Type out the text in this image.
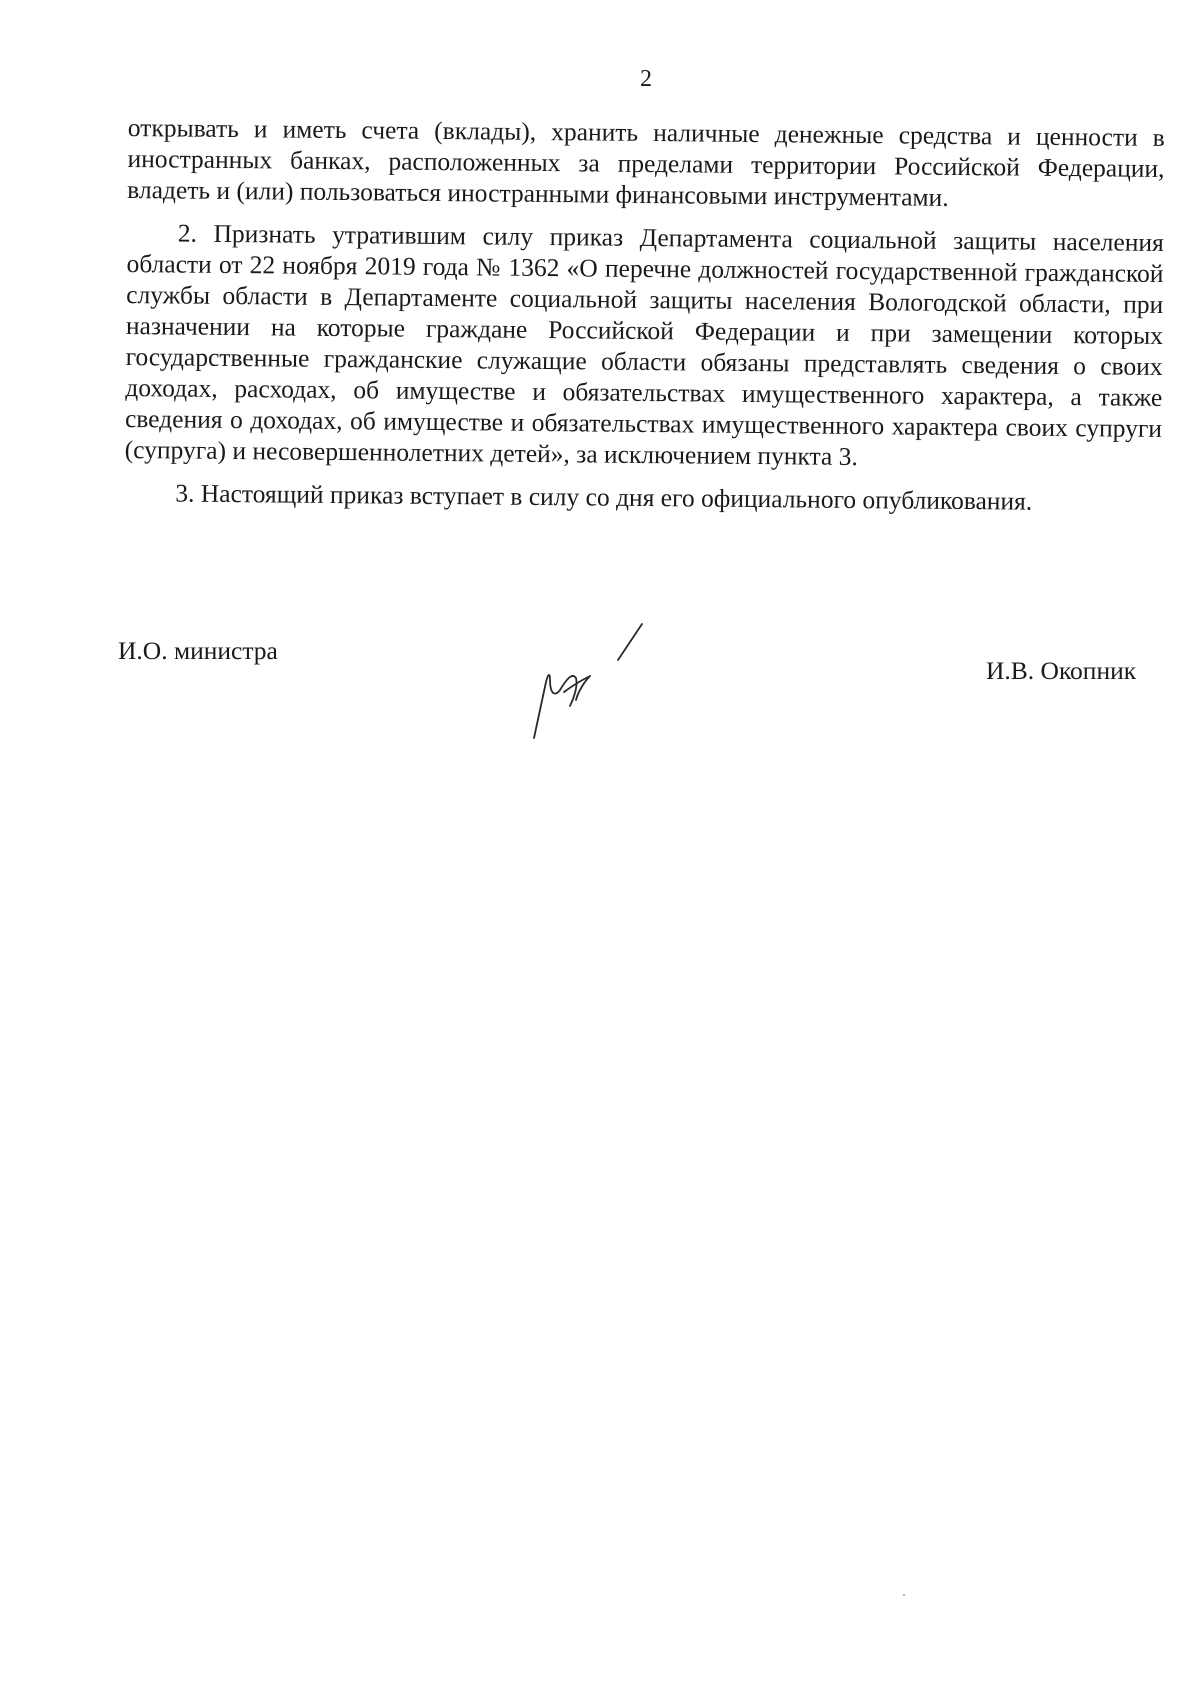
2

открывать и иметь счета (вклады), хранить наличные денежные средства и ценности в иностранных банках, расположенных за пределами территории Российской Федерации, владеть и (или) пользоваться иностранными финансовыми инструментами.

2. Признать утратившим силу приказ Департамента социальной защиты населения области от 22 ноября 2019 года № 1362 «О перечне должностей государственной гражданской службы области в Департаменте социальной защиты населения Вологодской области, при назначении на которые граждане Российской Федерации и при замещении которых государственные гражданские служащие области обязаны представлять сведения о своих доходах, расходах, об имуществе и обязательствах имущественного характера, а также сведения о доходах, об имуществе и обязательствах имущественного характера своих супруги (супруга) и несовершеннолетних детей», за исключением пункта 3.

3. Настоящий приказ вступает в силу со дня его официального опубликования.

И.О. министра
И.В. Окопник
